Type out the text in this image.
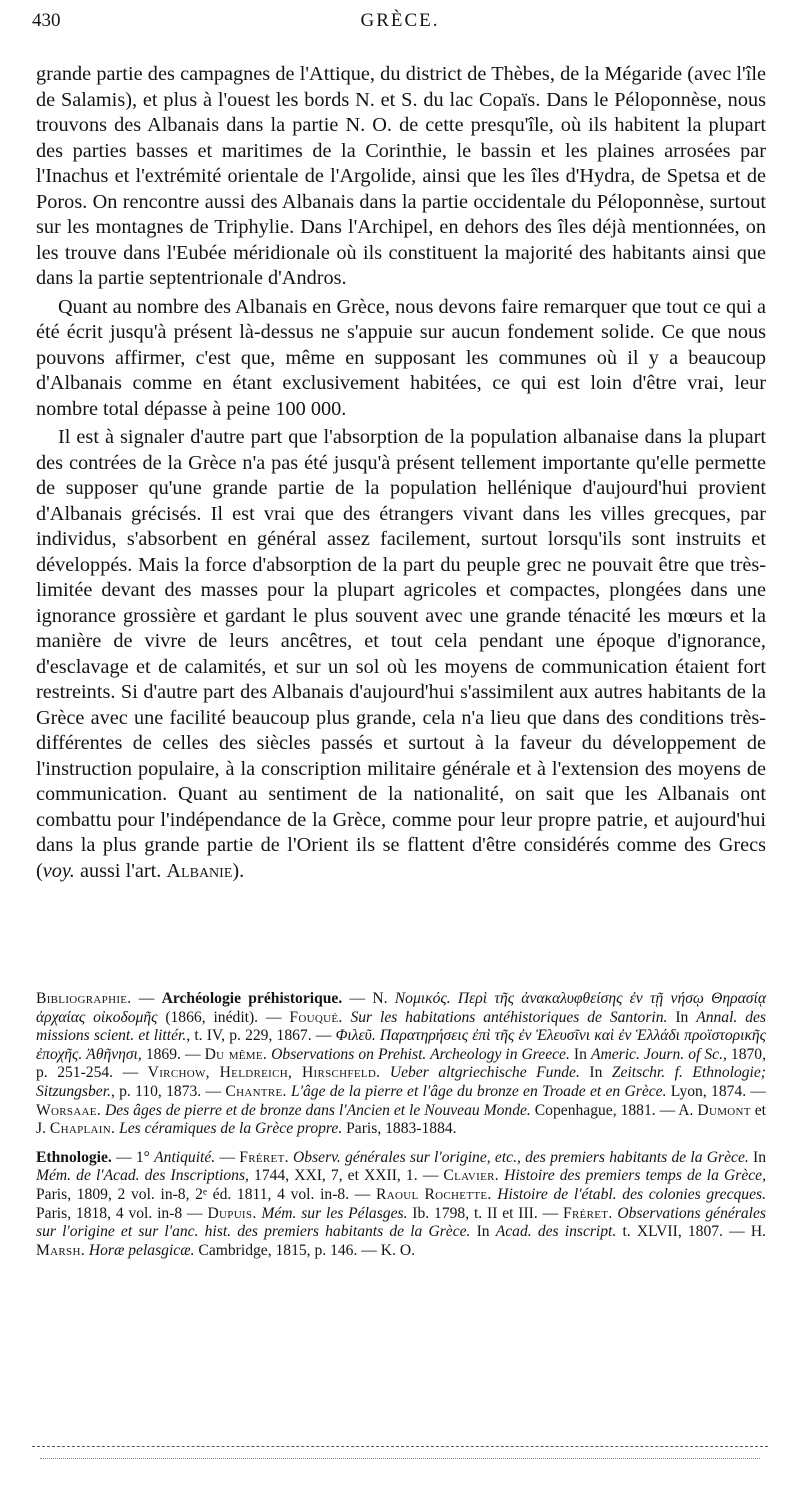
430	GRÈCE.

grande partie des campagnes de l'Attique, du district de Thèbes, de la Mégaride (avec l'île de Salamis), et plus à l'ouest les bords N. et S. du lac Copaïs. Dans le Péloponnèse, nous trouvons des Albanais dans la partie N. O. de cette presqu'île, où ils habitent la plupart des parties basses et maritimes de la Corinthie, le bassin et les plaines arrosées par l'Inachus et l'extrémité orientale de l'Argolide, ainsi que les îles d'Hydra, de Spetsa et de Poros. On rencontre aussi des Albanais dans la partie occidentale du Péloponnèse, surtout sur les montagnes de Triphylie. Dans l'Archipel, en dehors des îles déjà mentionnées, on les trouve dans l'Eubée méridionale où ils constituent la majorité des habitants ainsi que dans la partie septentrionale d'Andros.

Quant au nombre des Albanais en Grèce, nous devons faire remarquer que tout ce qui a été écrit jusqu'à présent là-dessus ne s'appuie sur aucun fondement solide. Ce que nous pouvons affirmer, c'est que, même en supposant les communes où il y a beaucoup d'Albanais comme en étant exclusivement habitées, ce qui est loin d'être vrai, leur nombre total dépasse à peine 100 000.

Il est à signaler d'autre part que l'absorption de la population albanaise dans la plupart des contrées de la Grèce n'a pas été jusqu'à présent tellement importante qu'elle permette de supposer qu'une grande partie de la population hellénique d'aujourd'hui provient d'Albanais grécisés. Il est vrai que des étrangers vivant dans les villes grecques, par individus, s'absorbent en général assez facilement, surtout lorsqu'ils sont instruits et développés. Mais la force d'absorption de la part du peuple grec ne pouvait être que très-limitée devant des masses pour la plupart agricoles et compactes, plongées dans une ignorance grossière et gardant le plus souvent avec une grande ténacité les mœurs et la manière de vivre de leurs ancêtres, et tout cela pendant une époque d'ignorance, d'esclavage et de calamités, et sur un sol où les moyens de communication étaient fort restreints. Si d'autre part des Albanais d'aujourd'hui s'assimilent aux autres habitants de la Grèce avec une facilité beaucoup plus grande, cela n'a lieu que dans des conditions très-différentes de celles des siècles passés et surtout à la faveur du développement de l'instruction populaire, à la conscription militaire générale et à l'extension des moyens de communication. Quant au sentiment de la nationalité, on sait que les Albanais ont combattu pour l'indépendance de la Grèce, comme pour leur propre patrie, et aujourd'hui dans la plus grande partie de l'Orient ils se flattent d'être considérés comme des Grecs (voy. aussi l'art. Albanie).

Bibliographie. — Archéologie préhistorique. — N. Νομικός. Περὶ τῆς ἀνακαλυφθείσης ἐν τῇ νήσῳ Θηρασίᾳ ἀρχαίας οἰκοδομῆς (1866, inédit). — Fouqué. Sur les habitations antéhistoriques de Santorin. In Annal. des missions scient. et littér., t. IV, p. 229, 1867. — Φιλεῦ. Παρατηρήσεις ἐπὶ τῆς ἐν Ἐλευσῖνι καὶ ἐν Ἑλλάδι προϊστορικῆς ἐποχῆς. Ἀθῆνησι, 1869. — Du même. Observations on Prehist. Archeology in Greece. In Americ. Journ. of Sc., 1870, p. 251-254. — Virchow, Heldreich, Hirschfeld. Ueber altgriechische Funde. In Zeitschr. f. Ethnologie; Sitzungsber., p. 110, 1873. — Chantre. L'âge de la pierre et l'âge du bronze en Troade et en Grèce. Lyon, 1874. — Worsaae. Des âges de pierre et de bronze dans l'Ancien et le Nouveau Monde. Copenhague, 1881. — A. Dumont et J. Chaplain. Les céramiques de la Grèce propre. Paris, 1883-1884.

Ethnologie. — 1° Antiquité. — Fréret. Observ. générales sur l'origine, etc., des premiers habitants de la Grèce. In Mém. de l'Acad. des Inscriptions, 1744, XXI, 7, et XXII, 1. — Clavier. Histoire des premiers temps de la Grèce, Paris, 1809, 2 vol. in-8, 2ᵉ éd. 1811, 4 vol. in-8. — Raoul Rochette. Histoire de l'établ. des colonies grecques. Paris, 1818, 4 vol. in-8 — Dupuis. Mém. sur les Pélasges. Ib. 1798, t. II et III. — Fréret. Observations générales sur l'origine et sur l'anc. hist. des premiers habitants de la Grèce. In Acad. des inscript. t. XLVII, 1807. — H. Marsh. Horæ pelasgicæ. Cambridge, 1815, p. 146. — K. O.
